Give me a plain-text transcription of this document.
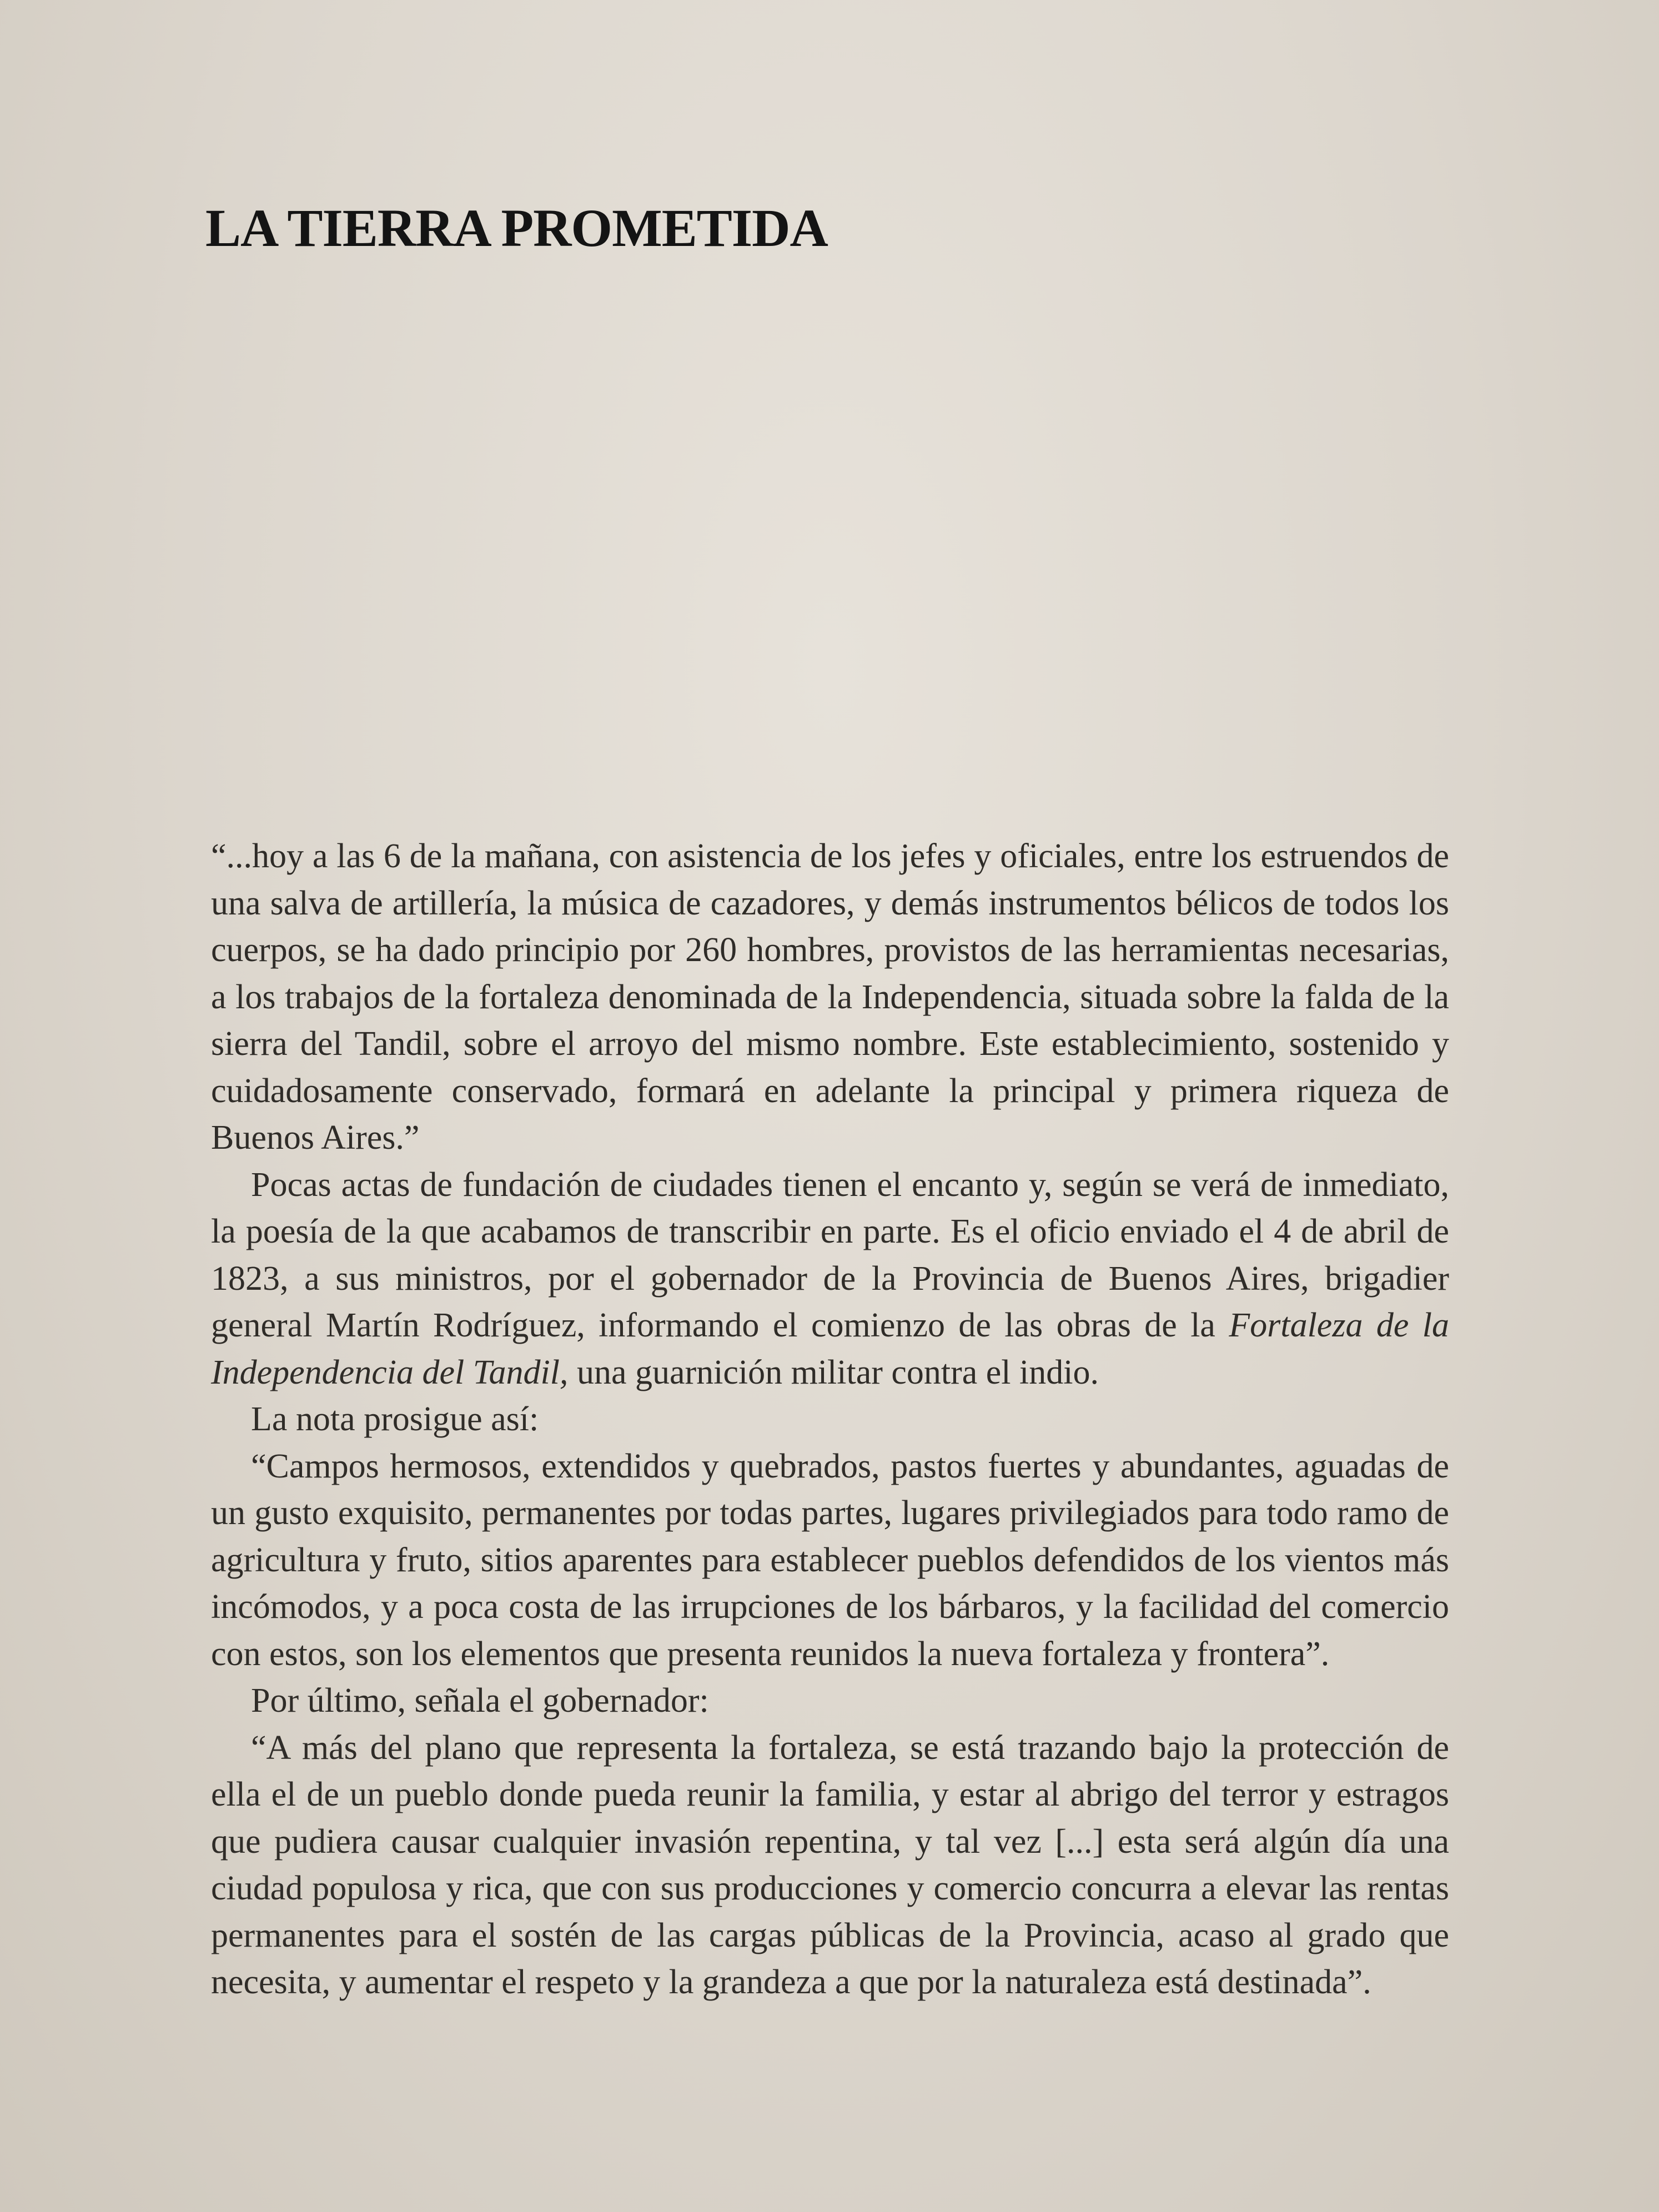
LA TIERRA PROMETIDA

“...hoy a las 6 de la mañana, con asistencia de los jefes y oficiales, entre los estruendos de una salva de artillería, la música de cazadores, y demás instrumentos bélicos de todos los cuerpos, se ha dado principio por 260 hombres, provistos de las herramientas necesarias, a los trabajos de la fortaleza denominada de la Independencia, situada sobre la falda de la sierra del Tandil, sobre el arroyo del mismo nombre. Este establecimiento, sostenido y cuidadosamente conservado, formará en adelante la principal y primera riqueza de Buenos Aires.”

Pocas actas de fundación de ciudades tienen el encanto y, según se verá de inmediato, la poesía de la que acabamos de transcribir en parte. Es el oficio enviado el 4 de abril de 1823, a sus ministros, por el gobernador de la Provincia de Buenos Aires, brigadier general Martín Rodríguez, informando el comienzo de las obras de la Fortaleza de la Independencia del Tandil, una guarnición militar contra el indio.

La nota prosigue así:

“Campos hermosos, extendidos y quebrados, pastos fuertes y abundantes, aguadas de un gusto exquisito, permanentes por todas partes, lugares privilegiados para todo ramo de agricultura y fruto, sitios aparentes para establecer pueblos defendidos de los vientos más incómodos, y a poca costa de las irrupciones de los bárbaros, y la facilidad del comercio con estos, son los elementos que presenta reunidos la nueva fortaleza y frontera”.

Por último, señala el gobernador:

“A más del plano que representa la fortaleza, se está trazando bajo la protección de ella el de un pueblo donde pueda reunir la familia, y estar al abrigo del terror y estragos que pudiera causar cualquier invasión repentina, y tal vez [...] esta será algún día una ciudad populosa y rica, que con sus producciones y comercio concurra a elevar las rentas permanentes para el sostén de las cargas públicas de la Provincia, acaso al grado que necesita, y aumentar el respeto y la grandeza a que por la naturaleza está destinada”.
